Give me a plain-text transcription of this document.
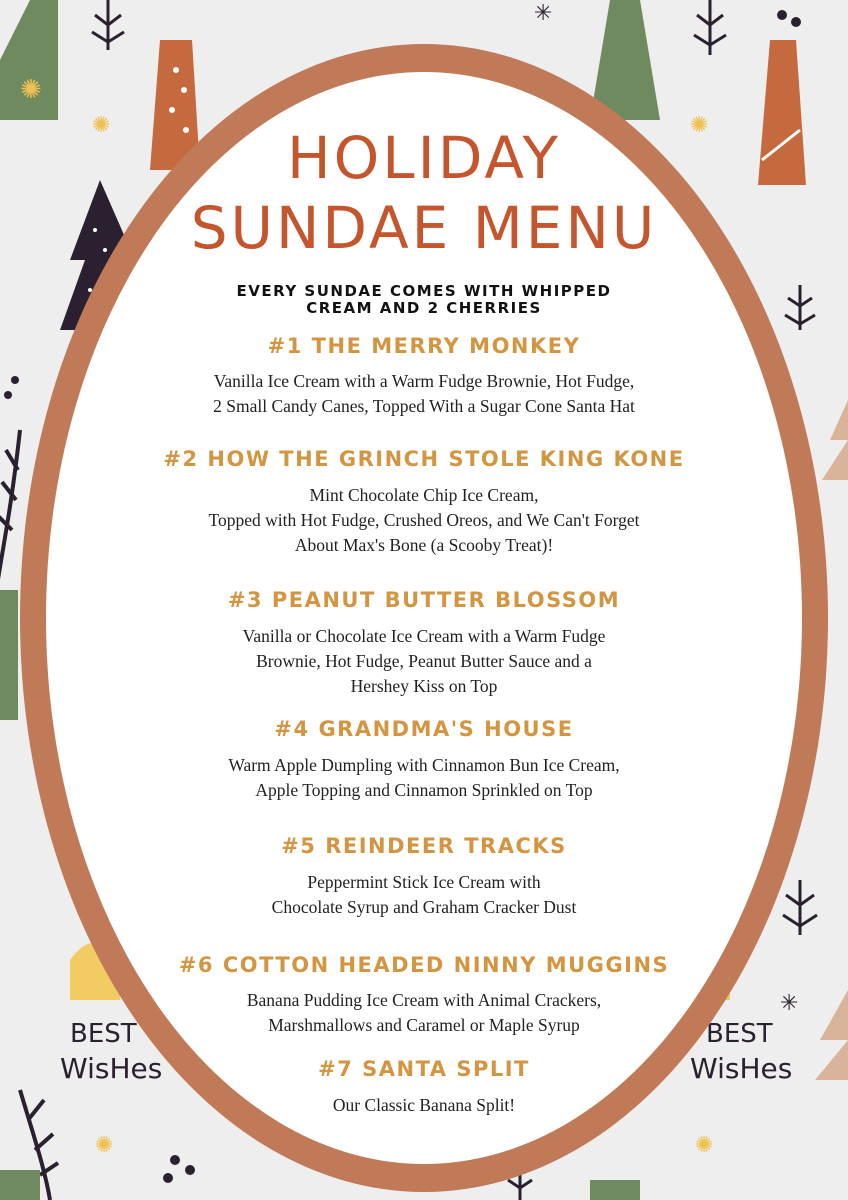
✺
BEST
WisHes
BEST
WisHes
✺	✺
✺	✺
✳
✳
HOLIDAY
SUNDAE MENU
EVERY SUNDAE COMES WITH WHIPPED
CREAM AND 2 CHERRIES
#1 THE MERRY MONKEY
Vanilla Ice Cream with a Warm Fudge Brownie, Hot Fudge,
2 Small Candy Canes, Topped With a Sugar Cone Santa Hat
#2 HOW THE GRINCH STOLE KING KONE
Mint Chocolate Chip Ice Cream,
Topped with Hot Fudge, Crushed Oreos, and We Can't Forget
About Max's Bone (a Scooby Treat)!
#3 PEANUT BUTTER BLOSSOM
Vanilla or Chocolate Ice Cream with a Warm Fudge
Brownie, Hot Fudge, Peanut Butter Sauce and a
Hershey Kiss on Top
#4 GRANDMA'S HOUSE
Warm Apple Dumpling with Cinnamon Bun Ice Cream,
Apple Topping and Cinnamon Sprinkled on Top
#5 REINDEER TRACKS
Peppermint Stick Ice Cream with
Chocolate Syrup and Graham Cracker Dust
#6 COTTON HEADED NINNY MUGGINS
Banana Pudding Ice Cream with Animal Crackers,
Marshmallows and Caramel or Maple Syrup
#7 SANTA SPLIT
Our Classic Banana Split!
